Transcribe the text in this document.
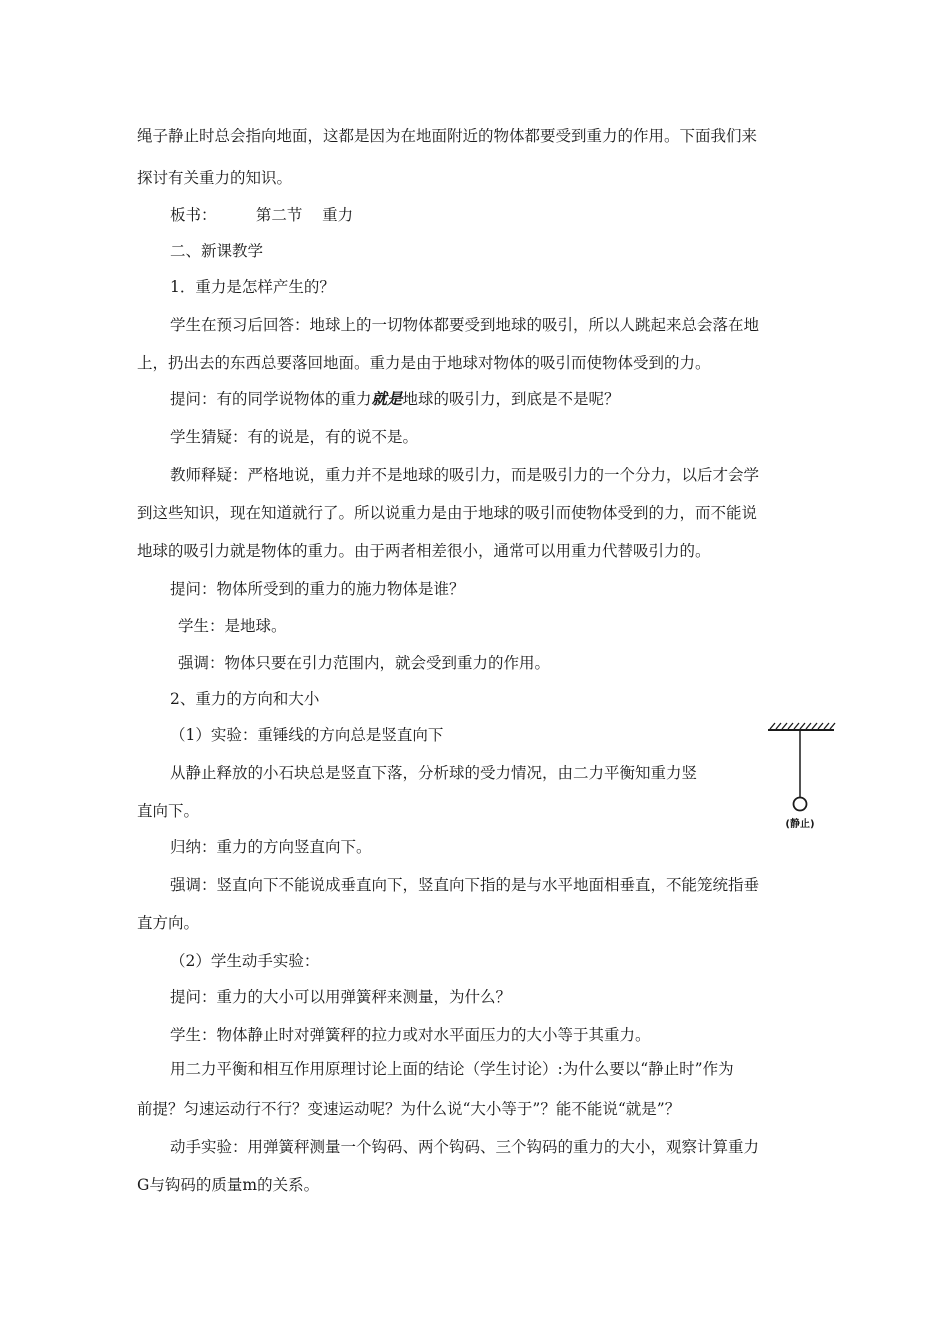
绳子静止时总会指向地面，这都是因为在地面附近的物体都要受到重力的作用。下面我们来
探讨有关重力的知识。
板书：        第二节    重力
二、新课教学
1．重力是怎样产生的？
学生在预习后回答：地球上的一切物体都要受到地球的吸引，所以人跳起来总会落在地
上，扔出去的东西总要落回地面。重力是由于地球对物体的吸引而使物体受到的力。
提问：有的同学说物体的重力就是地球的吸引力，到底是不是呢？
学生猜疑：有的说是，有的说不是。
教师释疑：严格地说，重力并不是地球的吸引力，而是吸引力的一个分力，以后才会学
到这些知识，现在知道就行了。所以说重力是由于地球的吸引而使物体受到的力，而不能说
地球的吸引力就是物体的重力。由于两者相差很小，通常可以用重力代替吸引力的。
提问：物体所受到的重力的施力物体是谁？
学生：是地球。
强调：物体只要在引力范围内，就会受到重力的作用。
2、重力的方向和大小
（1）实验：重锤线的方向总是竖直向下
从静止释放的小石块总是竖直下落，分析球的受力情况，由二力平衡知重力竖
直向下。
归纳：重力的方向竖直向下。
强调：竖直向下不能说成垂直向下，竖直向下指的是与水平地面相垂直，不能笼统指垂
直方向。
（2）学生动手实验：
提问：重力的大小可以用弹簧秤来测量，为什么？
学生：物体静止时对弹簧秤的拉力或对水平面压力的大小等于其重力。
用二力平衡和相互作用原理讨论上面的结论（学生讨论）:为什么要以“静止时”作为
前提？匀速运动行不行？变速运动呢？为什么说“大小等于”？能不能说“就是”？
动手实验：用弹簧秤测量一个钩码、两个钩码、三个钩码的重力的大小，观察计算重力
G与钩码的质量m的关系。
(静止)
